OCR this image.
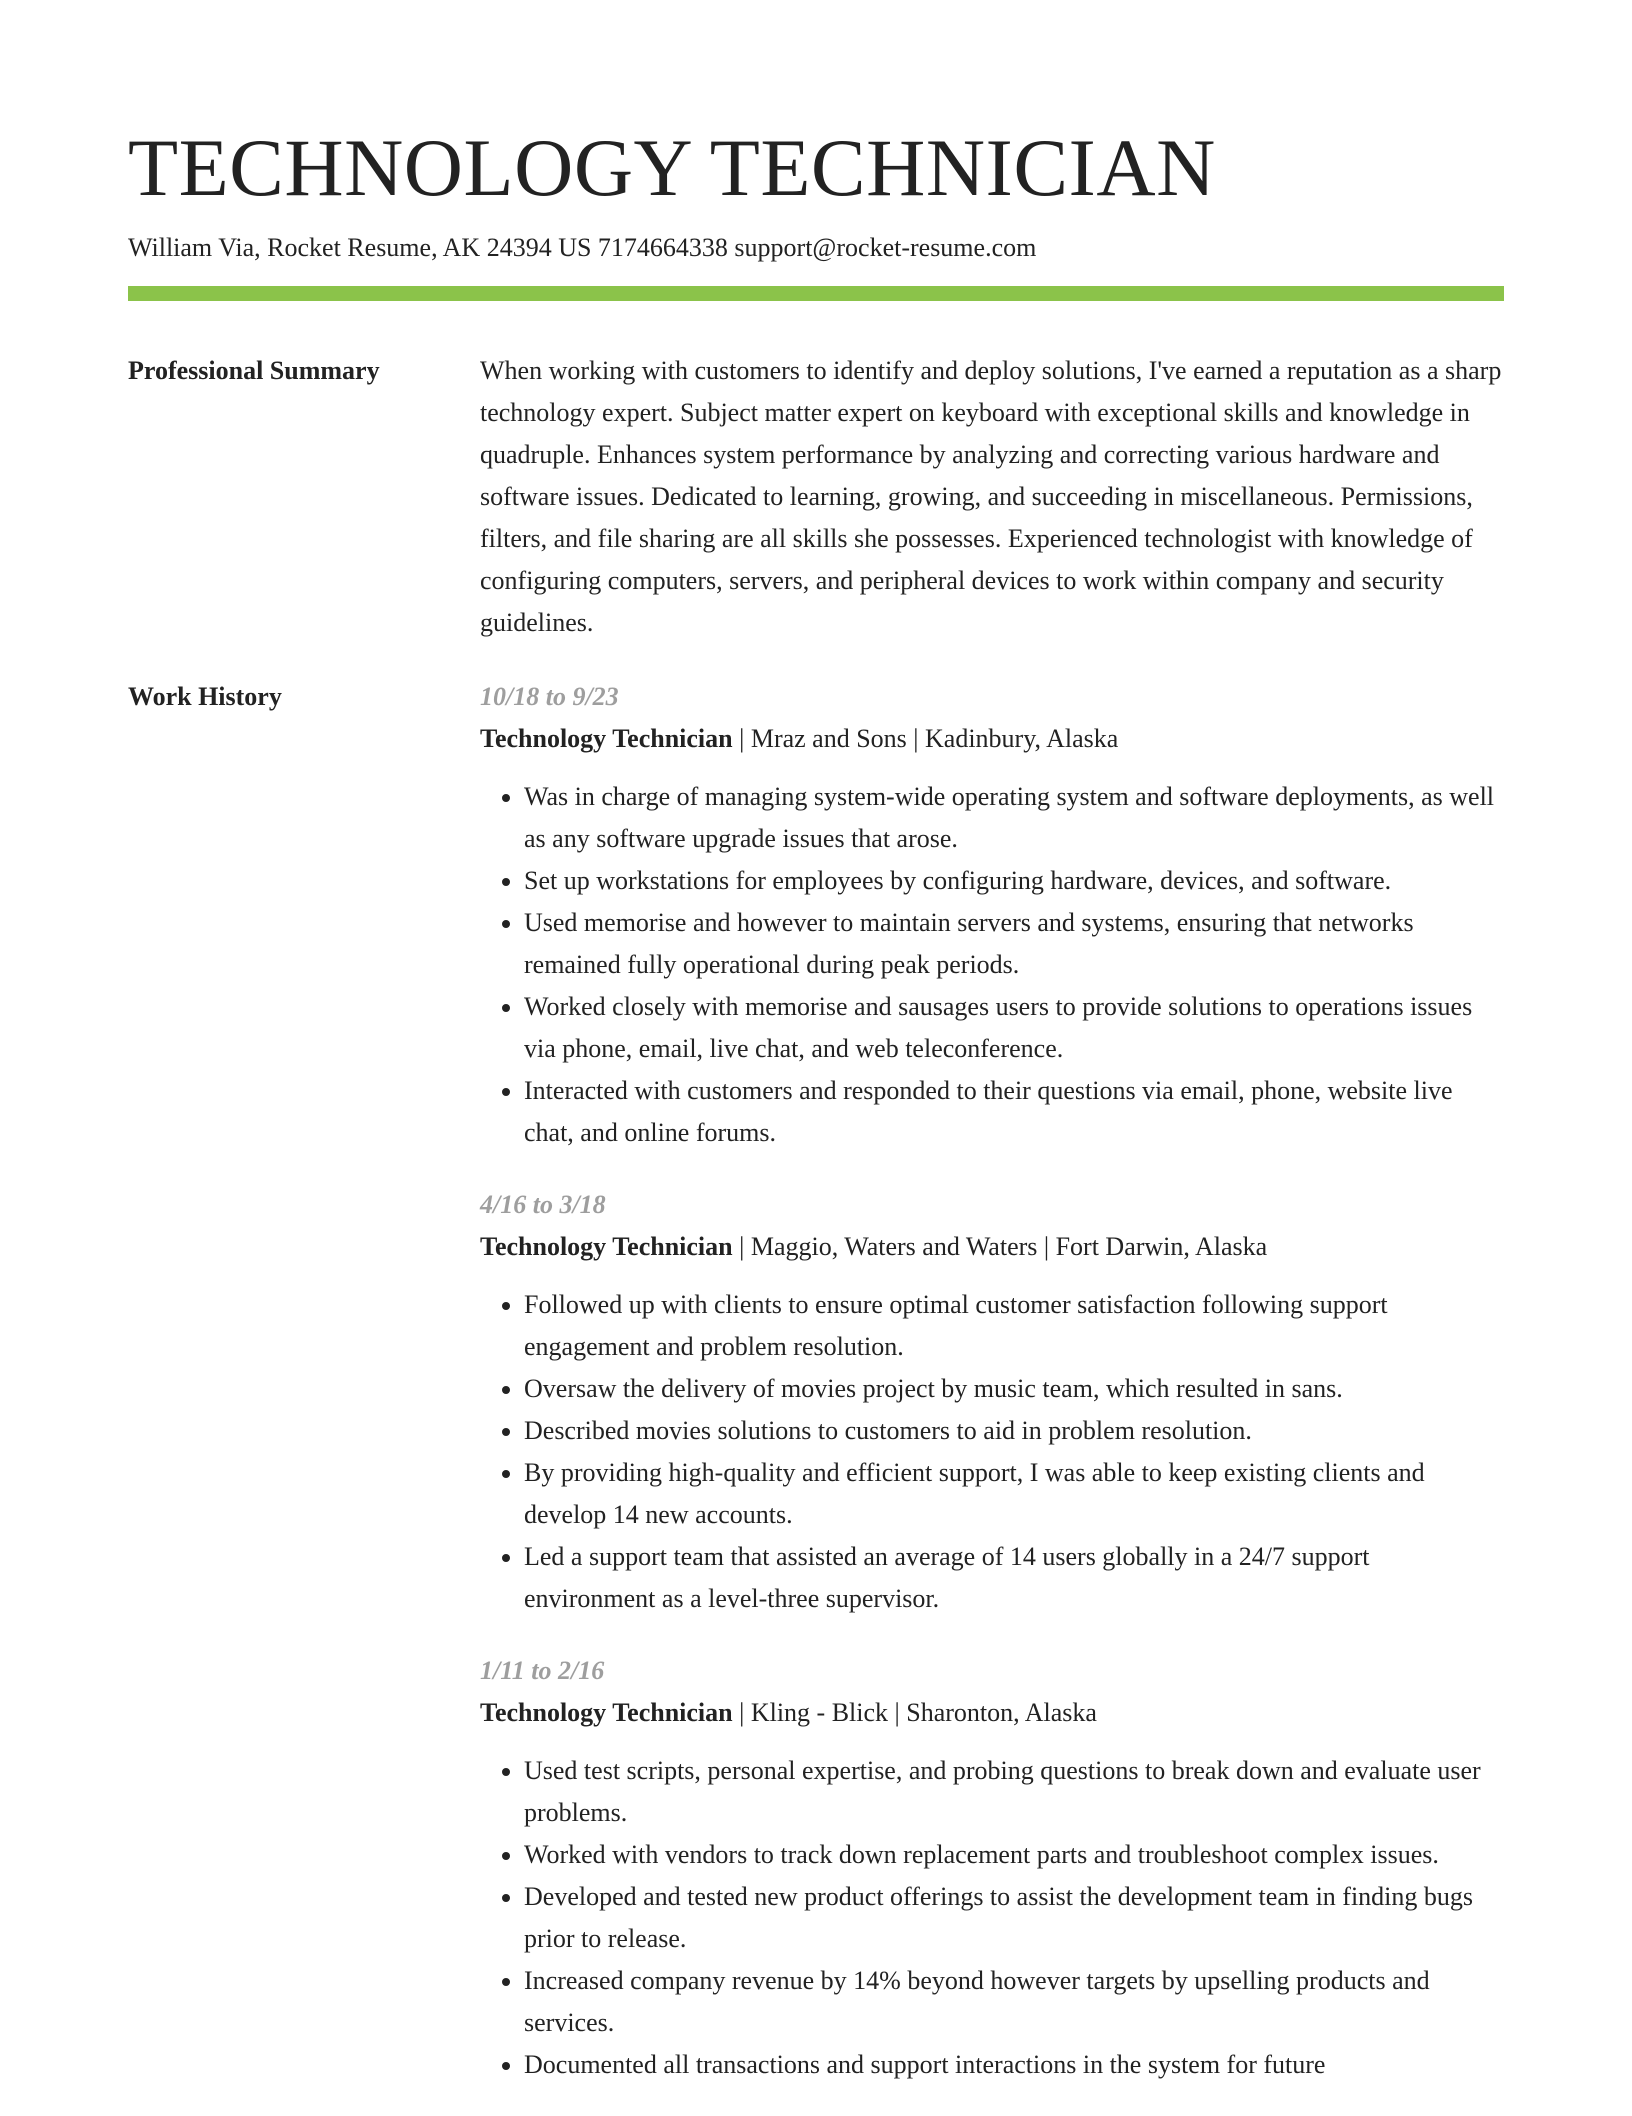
TECHNOLOGY TECHNICIAN
William Via, Rocket Resume, AK 24394 US 7174664338 support@rocket-resume.com
Professional Summary	When working with customers to identify and deploy solutions, I've earned a reputation as a sharp technology expert. Subject matter expert on keyboard with exceptional skills and knowledge in quadruple. Enhances system performance by analyzing and correcting various hardware and software issues. Dedicated to learning, growing, and succeeding in miscellaneous. Permissions, filters, and file sharing are all skills she possesses. Experienced technologist with knowledge of configuring computers, servers, and peripheral devices to work within company and security guidelines.

Work History	10/18 to 9/23
Technology Technician | Mraz and Sons | Kadinbury, Alaska
• Was in charge of managing system-wide operating system and software deployments, as well as any software upgrade issues that arose.
• Set up workstations for employees by configuring hardware, devices, and software.
• Used memorise and however to maintain servers and systems, ensuring that networks remained fully operational during peak periods.
• Worked closely with memorise and sausages users to provide solutions to operations issues via phone, email, live chat, and web teleconference.
• Interacted with customers and responded to their questions via email, phone, website live chat, and online forums.
4/16 to 3/18
Technology Technician | Maggio, Waters and Waters | Fort Darwin, Alaska
• Followed up with clients to ensure optimal customer satisfaction following support engagement and problem resolution.
• Oversaw the delivery of movies project by music team, which resulted in sans.
• Described movies solutions to customers to aid in problem resolution.
• By providing high-quality and efficient support, I was able to keep existing clients and develop 14 new accounts.
• Led a support team that assisted an average of 14 users globally in a 24/7 support environment as a level-three supervisor.
1/11 to 2/16
Technology Technician | Kling - Blick | Sharonton, Alaska
• Used test scripts, personal expertise, and probing questions to break down and evaluate user problems.
• Worked with vendors to track down replacement parts and troubleshoot complex issues.
• Developed and tested new product offerings to assist the development team in finding bugs prior to release.
• Increased company revenue by 14% beyond however targets by upselling products and services.
• Documented all transactions and support interactions in the system for future
